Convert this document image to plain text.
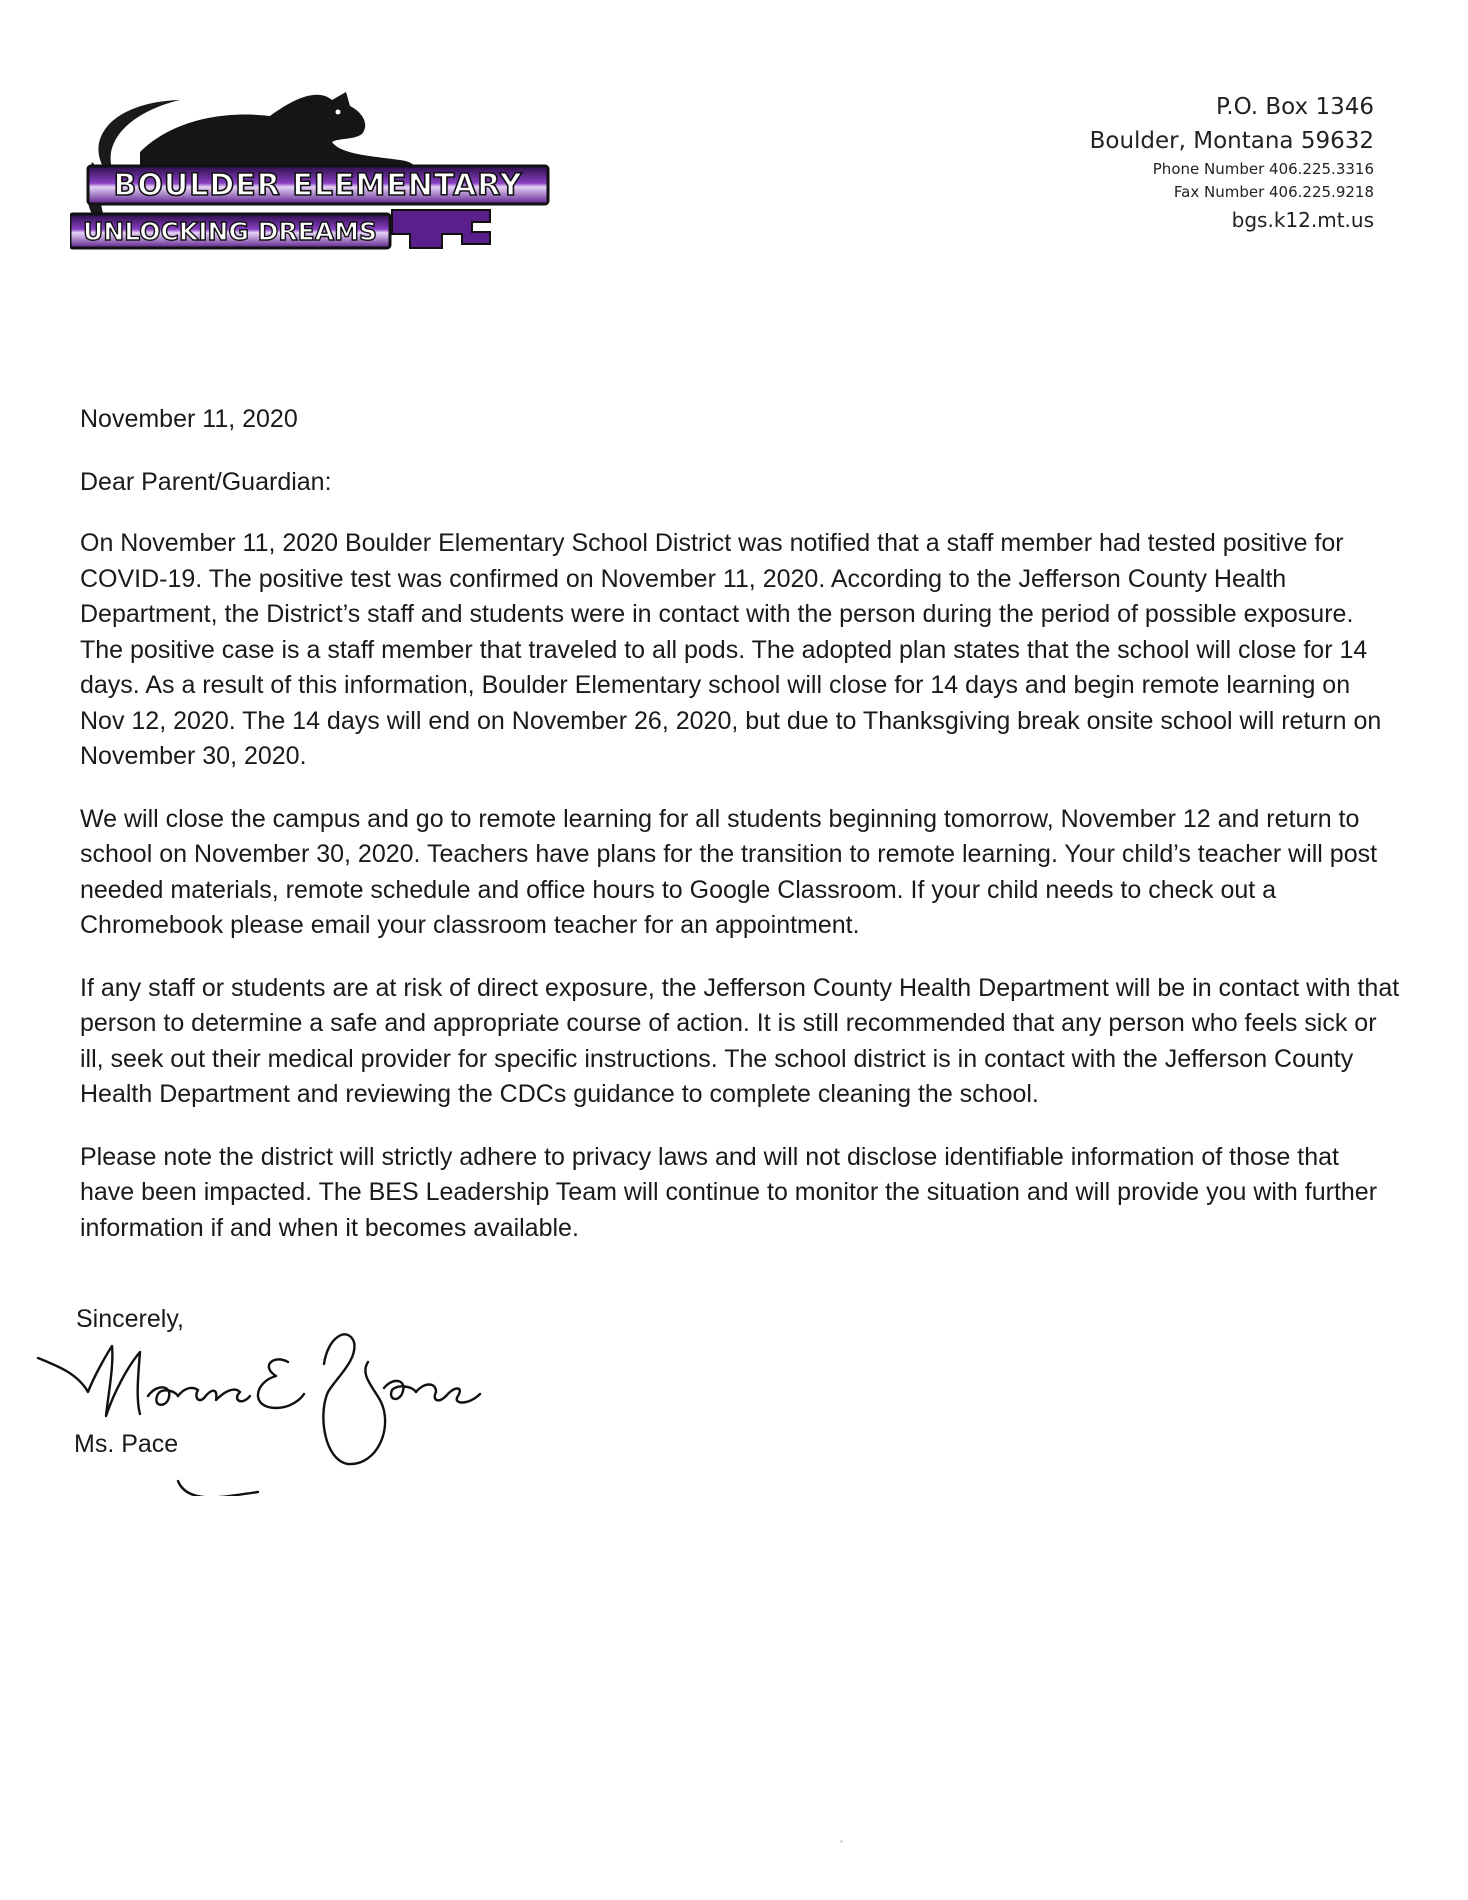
BOULDER ELEMENTARY
UNLOCKING DREAMS
P.O. Box 1346
Boulder, Montana 59632
Phone Number 406.225.3316
Fax Number 406.225.9218
bgs.k12.mt.us

November 11, 2020

Dear Parent/Guardian:

On November 11, 2020 Boulder Elementary School District was notified that a staff member had tested positive for COVID-19. The positive test was confirmed on November 11, 2020. According to the Jefferson County Health Department, the District’s staff and students were in contact with the person during the period of possible exposure. The positive case is a staff member that traveled to all pods. The adopted plan states that the school will close for 14 days. As a result of this information, Boulder Elementary school will close for 14 days and begin remote learning on Nov 12, 2020. The 14 days will end on November 26, 2020, but due to Thanksgiving break onsite school will return on November 30, 2020.

We will close the campus and go to remote learning for all students beginning tomorrow, November 12 and return to school on November 30, 2020. Teachers have plans for the transition to remote learning. Your child’s teacher will post needed materials, remote schedule and office hours to Google Classroom. If your child needs to check out a Chromebook please email your classroom teacher for an appointment.

If any staff or students are at risk of direct exposure, the Jefferson County Health Department will be in contact with that person to determine a safe and appropriate course of action. It is still recommended that any person who feels sick or ill, seek out their medical provider for specific instructions. The school district is in contact with the Jefferson County Health Department and reviewing the CDCs guidance to complete cleaning the school.

Please note the district will strictly adhere to privacy laws and will not disclose identifiable information of those that have been impacted. The BES Leadership Team will continue to monitor the situation and will provide you with further information if and when it becomes available.

Sincerely,
Ms. Pace
